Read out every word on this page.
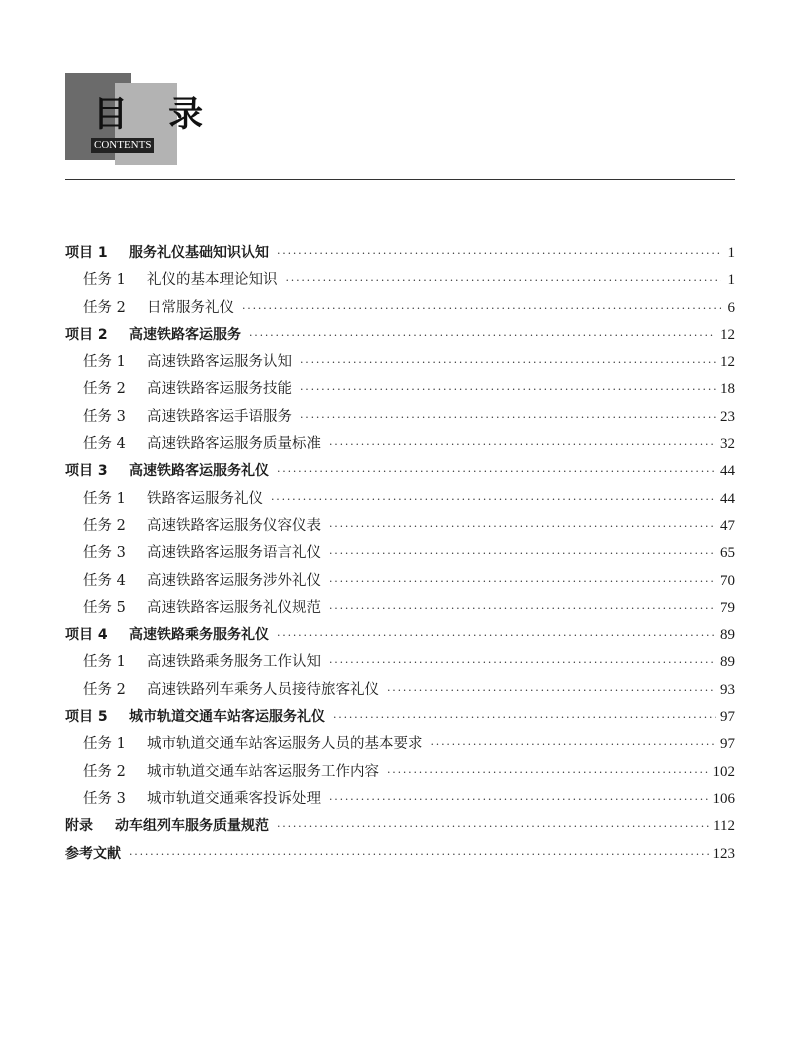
目 录
CONTENTS
项目 1	服务礼仪基础知识认知 ·····	1
任务 1	礼仪的基本理论知识 ·····	1
任务 2	日常服务礼仪 ·····	6
项目 2	高速铁路客运服务 ·····	12
任务 1	高速铁路客运服务认知 ·····	12
任务 2	高速铁路客运服务技能 ·····	18
任务 3	高速铁路客运手语服务 ·····	23
任务 4	高速铁路客运服务质量标准 ·····	32
项目 3	高速铁路客运服务礼仪 ·····	44
任务 1	铁路客运服务礼仪 ·····	44
任务 2	高速铁路客运服务仪容仪表 ·····	47
任务 3	高速铁路客运服务语言礼仪 ·····	65
任务 4	高速铁路客运服务涉外礼仪 ·····	70
任务 5	高速铁路客运服务礼仪规范 ·····	79
项目 4	高速铁路乘务服务礼仪 ·····	89
任务 1	高速铁路乘务服务工作认知 ·····	89
任务 2	高速铁路列车乘务人员接待旅客礼仪 ·····	93
项目 5	城市轨道交通车站客运服务礼仪 ·····	97
任务 1	城市轨道交通车站客运服务人员的基本要求 ·····	97
任务 2	城市轨道交通车站客运服务工作内容 ·····	102
任务 3	城市轨道交通乘客投诉处理 ·····	106
附录	动车组列车服务质量规范 ·····	112
参考文献 ·····	123
